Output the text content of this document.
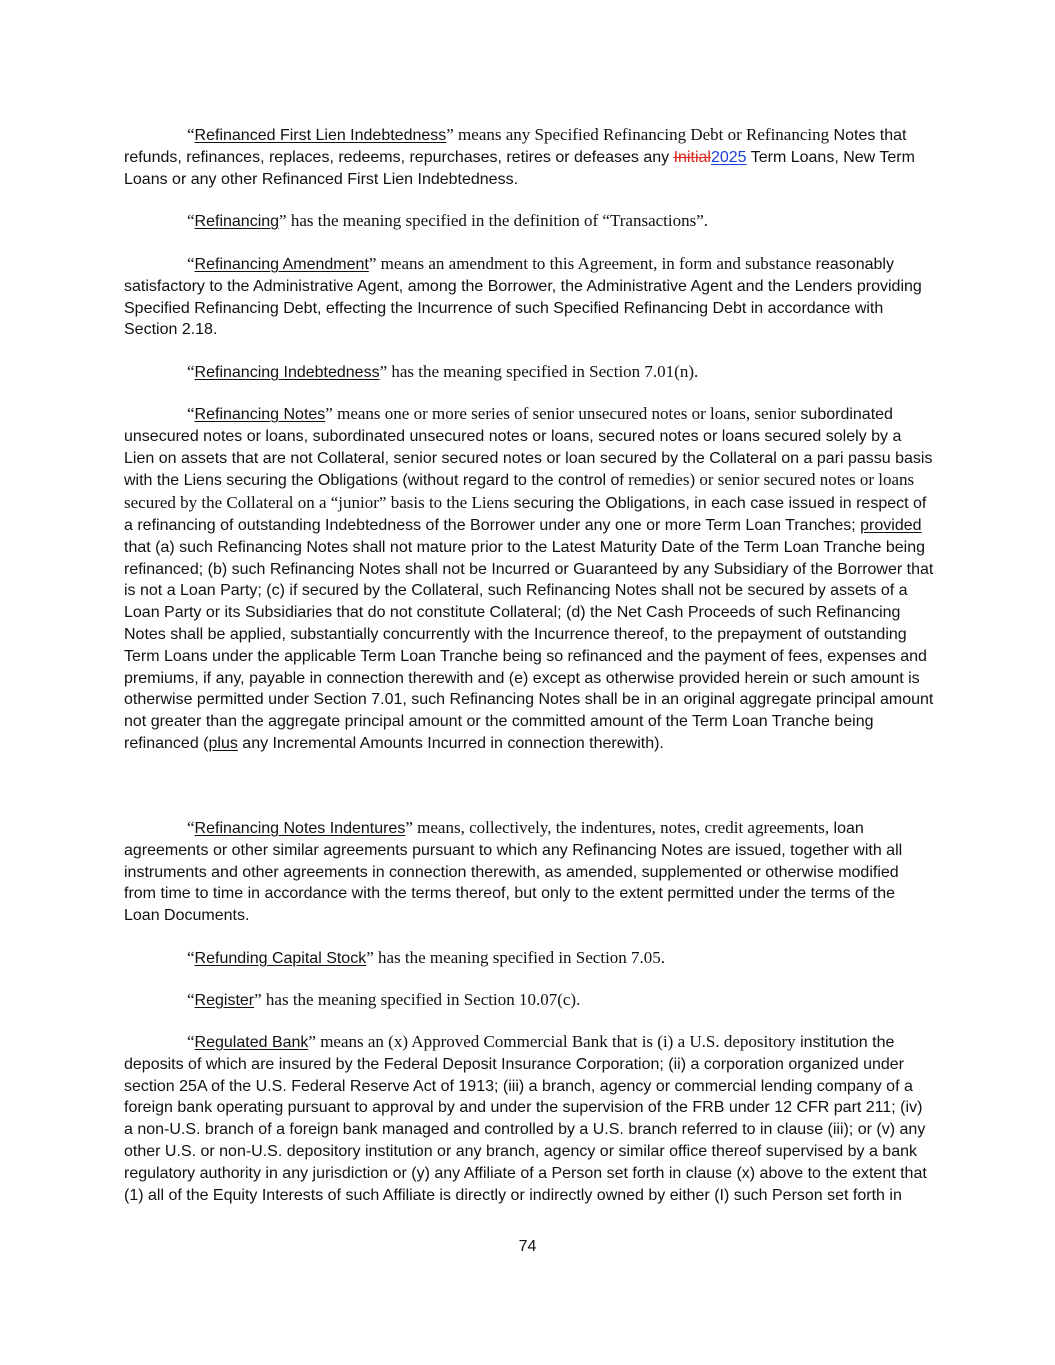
“Refinanced First Lien Indebtedness” means any Specified Refinancing Debt or Refinancing Notes that refunds, refinances, replaces, redeems, repurchases, retires or defeases any Initial2025 Term Loans, New Term Loans or any other Refinanced First Lien Indebtedness.

“Refinancing” has the meaning specified in the definition of “Transactions”.

“Refinancing Amendment” means an amendment to this Agreement, in form and substance reasonably satisfactory to the Administrative Agent, among the Borrower, the Administrative Agent and the Lenders providing Specified Refinancing Debt, effecting the Incurrence of such Specified Refinancing Debt in accordance with Section 2.18.

“Refinancing Indebtedness” has the meaning specified in Section 7.01(n).

“Refinancing Notes” means one or more series of senior unsecured notes or loans, senior subordinated unsecured notes or loans, subordinated unsecured notes or loans, secured notes or loans secured solely by a Lien on assets that are not Collateral, senior secured notes or loan secured by the Collateral on a pari passu basis with the Liens securing the Obligations (without regard to the control of remedies) or senior secured notes or loans secured by the Collateral on a “junior” basis to the Liens securing the Obligations, in each case issued in respect of a refinancing of outstanding Indebtedness of the Borrower under any one or more Term Loan Tranches; provided that (a) such Refinancing Notes shall not mature prior to the Latest Maturity Date of the Term Loan Tranche being refinanced; (b) such Refinancing Notes shall not be Incurred or Guaranteed by any Subsidiary of the Borrower that is not a Loan Party; (c) if secured by the Collateral, such Refinancing Notes shall not be secured by assets of a Loan Party or its Subsidiaries that do not constitute Collateral; (d) the Net Cash Proceeds of such Refinancing Notes shall be applied, substantially concurrently with the Incurrence thereof, to the prepayment of outstanding Term Loans under the applicable Term Loan Tranche being so refinanced and the payment of fees, expenses and premiums, if any, payable in connection therewith and (e) except as otherwise provided herein or such amount is otherwise permitted under Section 7.01, such Refinancing Notes shall be in an original aggregate principal amount not greater than the aggregate principal amount or the committed amount of the Term Loan Tranche being refinanced (plus any Incremental Amounts Incurred in connection therewith).

“Refinancing Notes Indentures” means, collectively, the indentures, notes, credit agreements, loan agreements or other similar agreements pursuant to which any Refinancing Notes are issued, together with all instruments and other agreements in connection therewith, as amended, supplemented or otherwise modified from time to time in accordance with the terms thereof, but only to the extent permitted under the terms of the Loan Documents.

“Refunding Capital Stock” has the meaning specified in Section 7.05.

“Register” has the meaning specified in Section 10.07(c).

“Regulated Bank” means an (x) Approved Commercial Bank that is (i) a U.S. depository institution the deposits of which are insured by the Federal Deposit Insurance Corporation; (ii) a corporation organized under section 25A of the U.S. Federal Reserve Act of 1913; (iii) a branch, agency or commercial lending company of a foreign bank operating pursuant to approval by and under the supervision of the FRB under 12 CFR part 211; (iv) a non-U.S. branch of a foreign bank managed and controlled by a U.S. branch referred to in clause (iii); or (v) any other U.S. or non-U.S. depository institution or any branch, agency or similar office thereof supervised by a bank regulatory authority in any jurisdiction or (y) any Affiliate of a Person set forth in clause (x) above to the extent that (1) all of the Equity Interests of such Affiliate is directly or indirectly owned by either (I) such Person set forth in

74
